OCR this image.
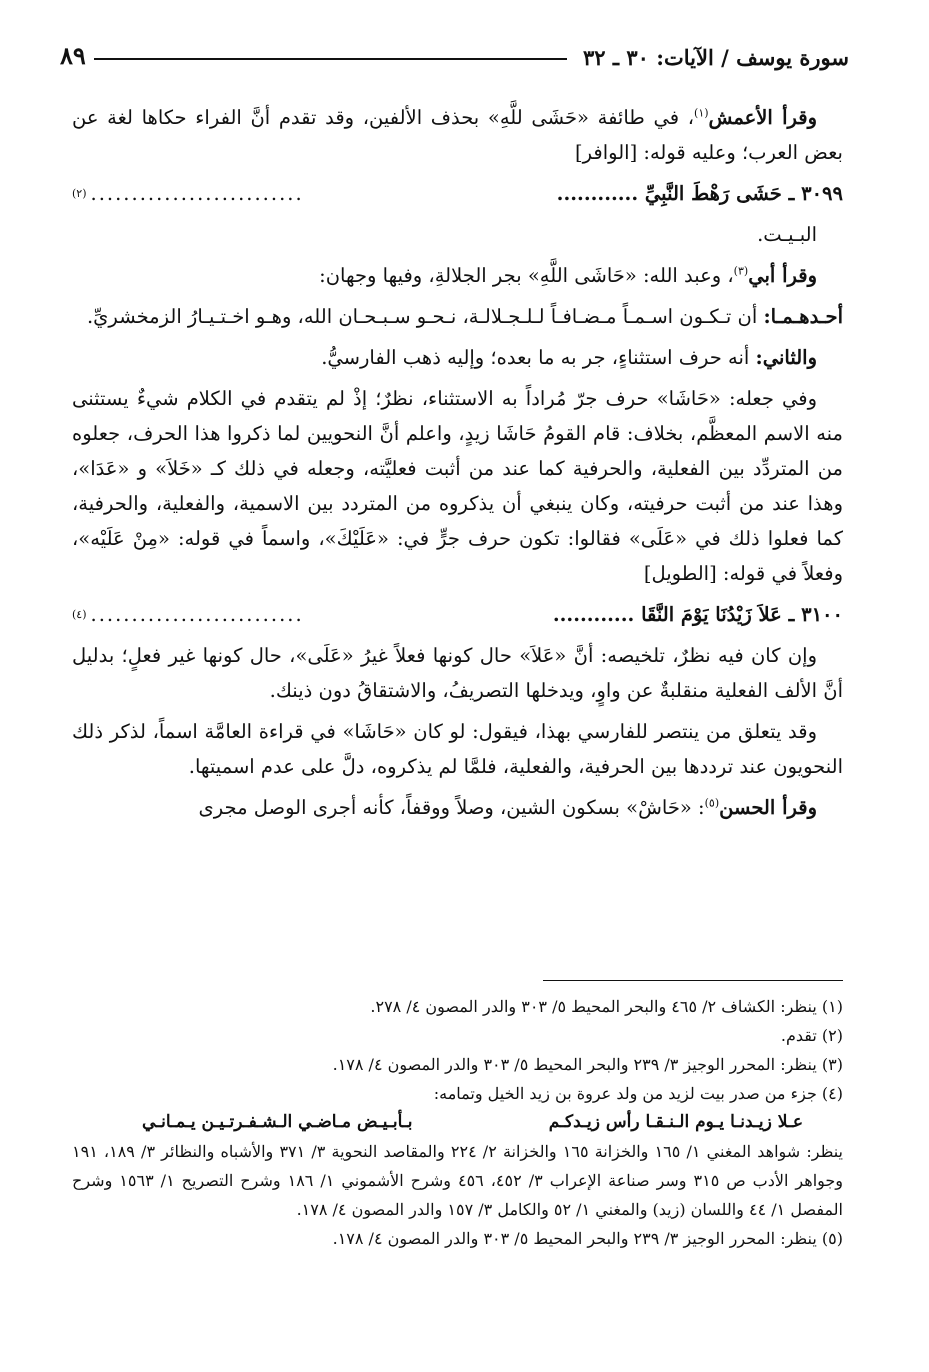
سورة يوسف / الآيات: ٣٠ ـ ٣٢
٨٩

وقرأ الأعمش$^{(١)}$، في طائفة «حَشَى للَّهِ» بحذف الألفين، وقد تقدم أنَّ الفراء حكاها لغة عن بعض العرب؛ وعليه قوله: [الوافر]

٣٠٩٩ ـ حَشَى رَهْطَ النَّبِيِّ ............
..........................
(٢)

البـيـت.

وقرأ أبي$^{(٣)}$، وعبد الله: «حَاشَى اللَّهِ» بجر الجلالةِ، وفيها وجهان:

أحـدهـمـا: أن تـكـون اسـمـاً مـضـافـاً لـلـجـلالـة، نـحـو سـبـحـان الله، وهـو اخـتـيـارُ الزمخشريِّ.

والثاني: أنه حرف استثناءٍ، جر به ما بعده؛ وإليه ذهب الفارسيُّ.

وفي جعله: «حَاشَا» حرف جرّ مُراداً به الاستثناء، نظرٌ؛ إذْ لم يتقدم في الكلام شيءٌ يستثنى منه الاسم المعظَّم، بخلاف: قام القومُ حَاشَا زيدٍ، واعلم أنَّ النحويين لما ذكروا هذا الحرف، جعلوه من المتردِّد بين الفعلية، والحرفية كما عند من أثبت فعليَّته، وجعله في ذلك كـ «خَلاَ» و «عَدَا»، وهذا عند من أثبت حرفيته، وكان ينبغي أن يذكروه من المتردد بين الاسمية، والفعلية، والحرفية، كما فعلوا ذلك في «عَلَى» فقالوا: تكون حرف جرٍّ في: «عَلَيْكَ»، واسماً في قوله: «مِنْ عَلَيْه»، وفعلاً في قوله: [الطويل]

٣١٠٠ ـ عَلاَ زَيْدُنَا يَوْمَ النَّقَا ............
..........................
(٤)

وإن كان فيه نظرٌ، تلخيصه: أنَّ «عَلاَ» حال كونها فعلاً غيرُ «عَلَى»، حال كونها غير فعلٍ؛ بدليل أنَّ الألف الفعلية منقلبةٌ عن واوٍ، ويدخلها التصريفُ، والاشتقاقُ دون ذينك.

وقد يتعلق من ينتصر للفارسي بهذا، فيقول: لو كان «حَاشَا» في قراءة العامَّة اسماً، لذكر ذلك النحويون عند ترددها بين الحرفية، والفعلية، فلمَّا لم يذكروه، دلَّ على عدم اسميتها.

وقرأ الحسن$^{(٥)}$: «حَاشْ» بسكون الشين، وصلاً ووقفاً، كأنه أجرى الوصل مجرى

(١) ينظر: الكشاف ٢/ ٤٦٥ والبحر المحيط ٥/ ٣٠٣ والدر المصون ٤/ ٢٧٨.

(٢) تقدم.

(٣) ينظر: المحرر الوجيز ٣/ ٢٣٩ والبحر المحيط ٥/ ٣٠٣ والدر المصون ٤/ ١٧٨.

(٤) جزء من صدر بيت لزيد من ولد عروة بن زيد الخيل وتمامه:

عـلا زيـدنـا يـوم الـنـقـا رأس زيـدكـم
بـأبـيـض مـاضـي الـشـفـرتـيـن يـمـانـي

ينظر: شواهد المغني ١/ ١٦٥ والخزانة ١٦٥ والخزانة ٢/ ٢٢٤ والمقاصد النحوية ٣/ ٣٧١ والأشباه والنظائر ٣/ ١٨٩، ١٩١ وجواهر الأدب ص ٣١٥ وسر صناعة الإعراب ٣/ ٤٥٢، ٤٥٦ وشرح الأشموني ١/ ١٨٦ وشرح التصريح ١/ ١٥٦٣ وشرح المفصل ١/ ٤٤ واللسان (زيد) والمغني ١/ ٥٢ والكامل ٣/ ١٥٧ والدر المصون ٤/ ١٧٨.

(٥) ينظر: المحرر الوجيز ٣/ ٢٣٩ والبحر المحيط ٥/ ٣٠٣ والدر المصون ٤/ ١٧٨.
